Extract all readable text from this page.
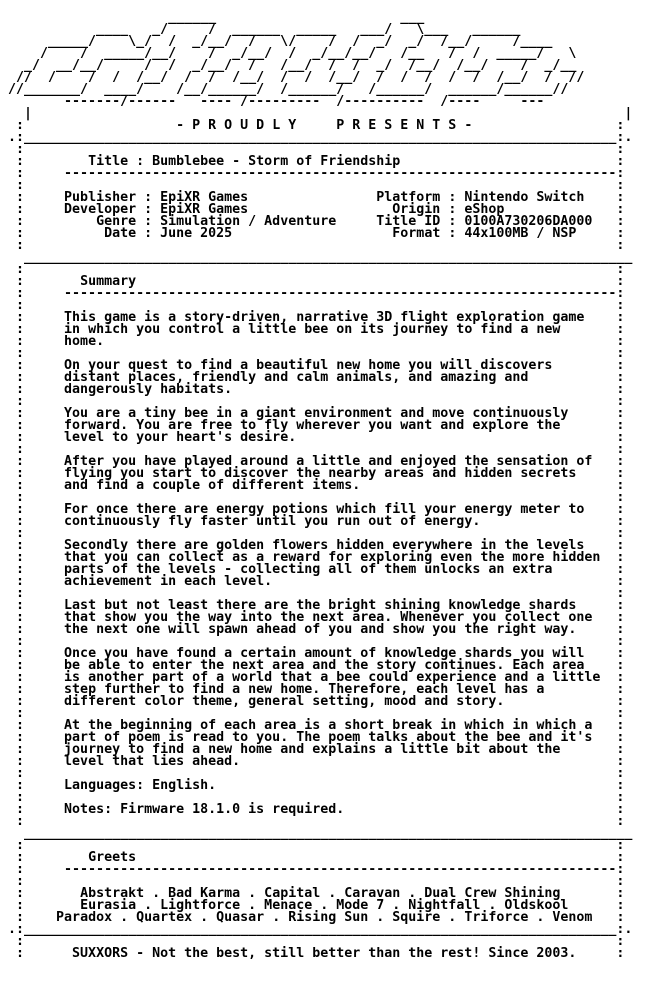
______                       ___
____   _/     /  ______  _____   ___/   \___   ______
_____/    \_/  /  _/__/  /   \/    /  /  _/  _/  /__/     /____
/    /  _____/__/    /  _/__/  /  _/__/__/   /__   /  /  _____/   \
_/  __/__/     /  /  _/__/  /   /__/  /  /  _/  /__/  /__/    /  _/__
//  /    /  /  /__/  /  /  /__/  /  /  /__/  /  /  /  /  /  /__/  /  //
//_______/  ____/    /__/______/  /______/   /______/  ______/______//
-------/------   ---- /---------  /----------  /----     ---
|                                                                          |
:                   - P R O U D L Y     P R E S E N T S -                  :
.:__________________________________________________________________________:.
:                                                                          :
:        Title : Bumblebee - Storm of Friendship                           :
:     ---------------------------------------------------------------------:
:                                                                          :
:     Publisher : EpiXR Games	Platform : Nintendo Switch    :
:     Developer : EpiXR Games	Origin : eShop              :
:         Genre : Simulation / Adventure	Title ID : 0100A730206DA000   :
:          Date : June 2025	Format : 44x100MB / NSP     :
:                                                                          :
____________________________________________________________________________
:                                                                          :
:       Summary                                                            :
:     ---------------------------------------------------------------------:
:                                                                          :
:     This game is a story-driven, narrative 3D flight exploration game    :
:     in which you control a little bee on its journey to find a new       :
:     home.                                                                :
:                                                                          :
:     On your quest to find a beautiful new home you will discovers        :
:     distant places, friendly and calm animals, and amazing and           :
:     dangerously habitats.                                                :
:                                                                          :
:     You are a tiny bee in a giant environment and move continuously      :
:     forward. You are free to fly wherever you want and explore the       :
:     level to your heart's desire.                                        :
:                                                                          :
:     After you have played around a little and enjoyed the sensation of   :
:     flying you start to discover the nearby areas and hidden secrets     :
:     and find a couple of different items.                                :
:                                                                          :
:     For once there are energy potions which fill your energy meter to    :
:     continuously fly faster until you run out of energy.                 :
:                                                                          :
:     Secondly there are golden flowers hidden everywhere in the levels    :
:     that you can collect as a reward for exploring even the more hidden  :
:     parts of the levels - collecting all of them unlocks an extra        :
:     achievement in each level.                                           :
:                                                                          :
:     Last but not least there are the bright shining knowledge shards     :
:     that show you the way into the next area. Whenever you collect one   :
:     the next one will spawn ahead of you and show you the right way.     :
:                                                                          :
:     Once you have found a certain amount of knowledge shards you will    :
:     be able to enter the next area and the story continues. Each area    :
:     is another part of a world that a bee could experience and a little  :
:     step further to find a new home. Therefore, each level has a         :
:     different color theme, general setting, mood and story.              :
:                                                                          :
:     At the beginning of each area is a short break in which in which a   :
:     part of poem is read to you. The poem talks about the bee and it's   :
:     journey to find a new home and explains a little bit about the       :
:     level that lies ahead.                                               :
:                                                                          :
:     Languages: English.                                                  :
:                                                                          :
:     Notes: Firmware 18.1.0 is required.                                  :
:                                                                          :
____________________________________________________________________________
:                                                                          :
:        Greets                                                            :
:     ---------------------------------------------------------------------:
:                                                                          :
:       Abstrakt . Bad Karma . Capital . Caravan . Dual Crew Shining       :
:       Eurasia . Lightforce . Menace . Mode 7 . Nightfall . Oldskool      :
:    Paradox . Quartex . Quasar . Rising Sun . Squire . Triforce . Venom   :
.:__________________________________________________________________________:.
:                                                                          :
:      SUXXORS - Not the best, still better than the rest! Since 2003.     :
